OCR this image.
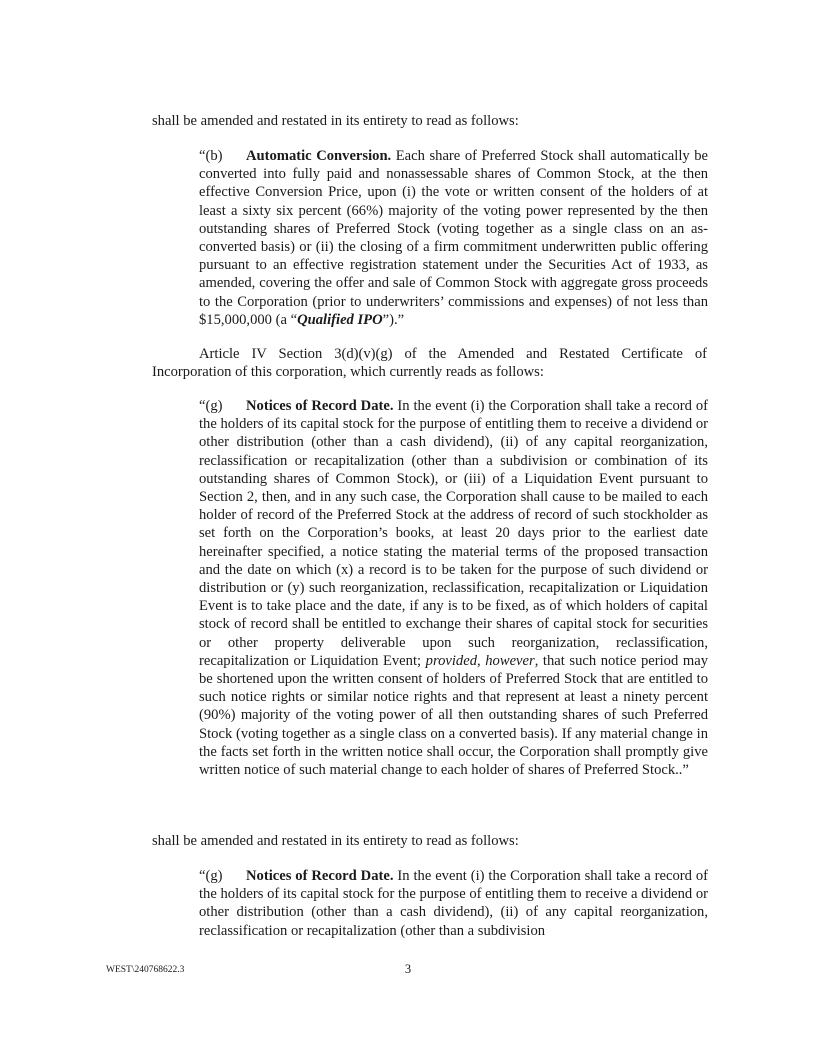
shall be amended and restated in its entirety to read as follows:

“(b) Automatic Conversion. Each share of Preferred Stock shall automatically be converted into fully paid and nonassessable shares of Common Stock, at the then effective Conversion Price, upon (i) the vote or written consent of the holders of at least a sixty six percent (66%) majority of the voting power represented by the then outstanding shares of Preferred Stock (voting together as a single class on an as-converted basis) or (ii) the closing of a firm commitment underwritten public offering pursuant to an effective registration statement under the Securities Act of 1933, as amended, covering the offer and sale of Common Stock with aggregate gross proceeds to the Corporation (prior to underwriters’ commissions and expenses) of not less than $15,000,000 (a “Qualified IPO”).”

Article IV Section 3(d)(v)(g) of the Amended and Restated Certificate of Incorporation of this corporation, which currently reads as follows:

“(g) Notices of Record Date. In the event (i) the Corporation shall take a record of the holders of its capital stock for the purpose of entitling them to receive a dividend or other distribution (other than a cash dividend), (ii) of any capital reorganization, reclassification or recapitalization (other than a subdivision or combination of its outstanding shares of Common Stock), or (iii) of a Liquidation Event pursuant to Section 2, then, and in any such case, the Corporation shall cause to be mailed to each holder of record of the Preferred Stock at the address of record of such stockholder as set forth on the Corporation’s books, at least 20 days prior to the earliest date hereinafter specified, a notice stating the material terms of the proposed transaction and the date on which (x) a record is to be taken for the purpose of such dividend or distribution or (y) such reorganization, reclassification, recapitalization or Liquidation Event is to take place and the date, if any is to be fixed, as of which holders of capital stock of record shall be entitled to exchange their shares of capital stock for securities or other property deliverable upon such reorganization, reclassification, recapitalization or Liquidation Event; provided, however, that such notice period may be shortened upon the written consent of holders of Preferred Stock that are entitled to such notice rights or similar notice rights and that represent at least a ninety percent (90%) majority of the voting power of all then outstanding shares of such Preferred Stock (voting together as a single class on a converted basis). If any material change in the facts set forth in the written notice shall occur, the Corporation shall promptly give written notice of such material change to each holder of shares of Preferred Stock..”

shall be amended and restated in its entirety to read as follows:

“(g) Notices of Record Date. In the event (i) the Corporation shall take a record of the holders of its capital stock for the purpose of entitling them to receive a dividend or other distribution (other than a cash dividend), (ii) of any capital reorganization, reclassification or recapitalization (other than a subdivision

WEST\240768622.3	3
